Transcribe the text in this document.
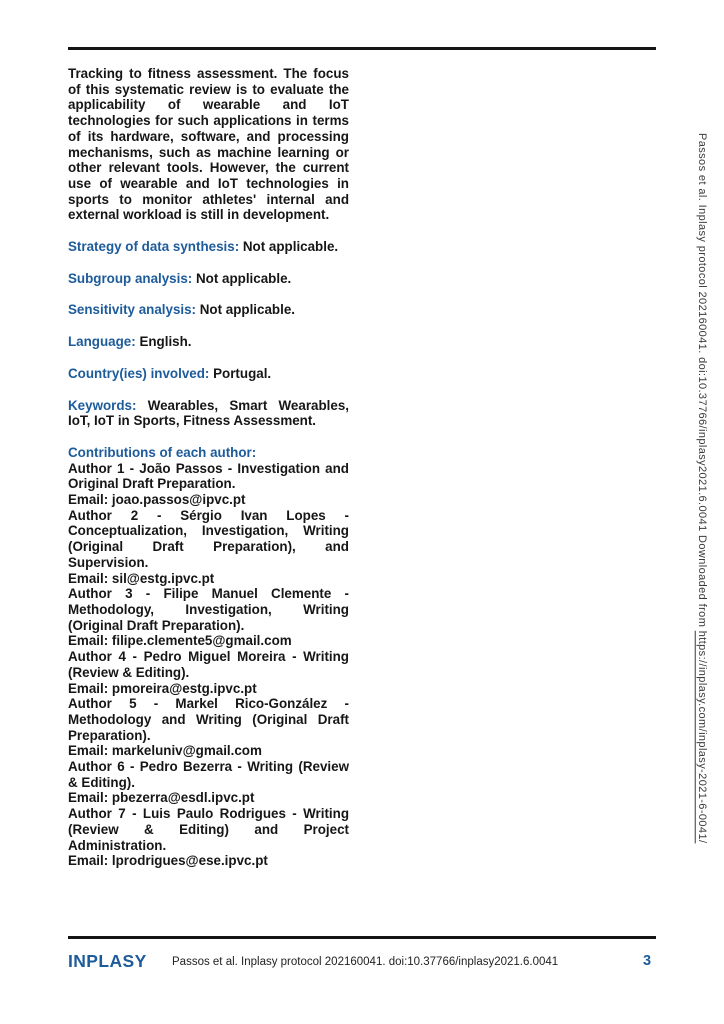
Tracking to fitness assessment. The focus of this systematic review is to evaluate the applicability of wearable and IoT technologies for such applications in terms of its hardware, software, and processing mechanisms, such as machine learning or other relevant tools. However, the current use of wearable and IoT technologies in sports to monitor athletes' internal and external workload is still in development.

Strategy of data synthesis: Not applicable.

Subgroup analysis: Not applicable.

Sensitivity analysis: Not applicable.

Language: English.

Country(ies) involved: Portugal.

Keywords: Wearables, Smart Wearables, IoT, IoT in Sports, Fitness Assessment.

Contributions of each author:
Author 1 - João Passos - Investigation and Original Draft Preparation.
Email: joao.passos@ipvc.pt
Author 2 - Sérgio Ivan Lopes - Conceptualization, Investigation, Writing (Original Draft Preparation), and Supervision.
Email: sil@estg.ipvc.pt
Author 3 - Filipe Manuel Clemente - Methodology, Investigation, Writing (Original Draft Preparation).
Email: filipe.clemente5@gmail.com
Author 4 - Pedro Miguel Moreira - Writing (Review & Editing).
Email: pmoreira@estg.ipvc.pt
Author 5 - Markel Rico-González - Methodology and Writing (Original Draft Preparation).
Email: markeluniv@gmail.com
Author 6 - Pedro Bezerra - Writing (Review & Editing).
Email: pbezerra@esdl.ipvc.pt
Author 7 - Luis Paulo Rodrigues - Writing (Review & Editing) and Project Administration.
Email: lprodrigues@ese.ipvc.pt
Passos et al. Inplasy protocol 202160041. doi:10.37766/inplasy2021.6.0041 Downloaded from https://inplasy.com/inplasy-2021-6-0041/
INPLASY Passos et al. Inplasy protocol 202160041. doi:10.37766/inplasy2021.6.0041	3
